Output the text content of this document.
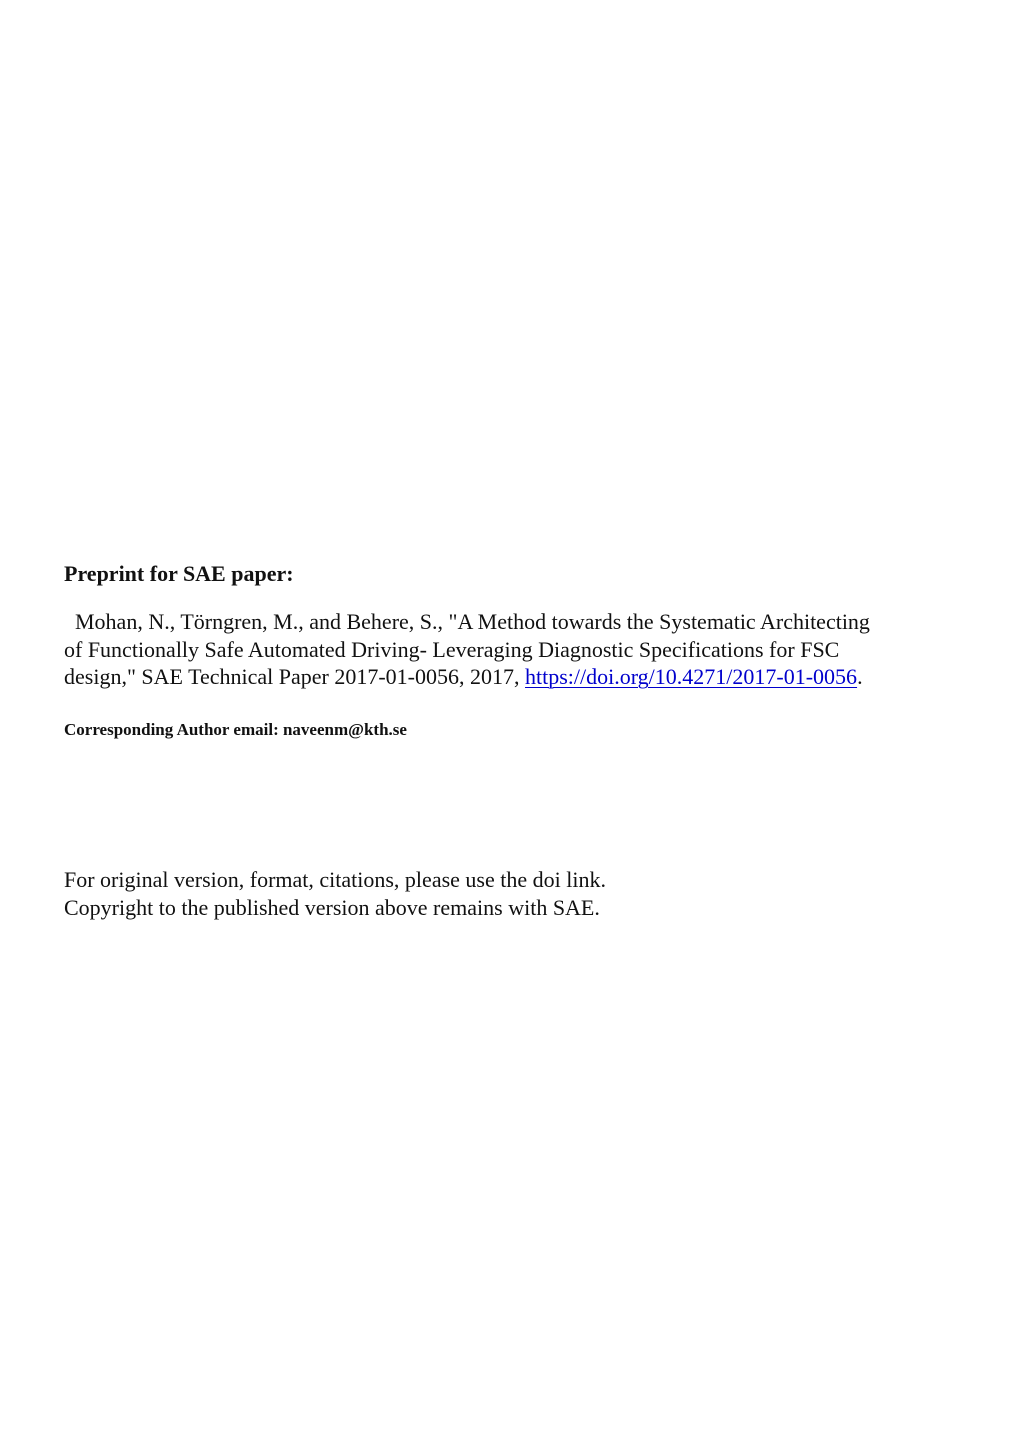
Preprint for SAE paper:

Mohan, N., Törngren, M., and Behere, S., "A Method towards the Systematic Architecting
of Functionally Safe Automated Driving- Leveraging Diagnostic Specifications for FSC
design," SAE Technical Paper 2017-01-0056, 2017, https://doi.org/10.4271/2017-01-0056.

Corresponding Author email: naveenm@kth.se

For original version, format, citations, please use the doi link.
Copyright to the published version above remains with SAE.
